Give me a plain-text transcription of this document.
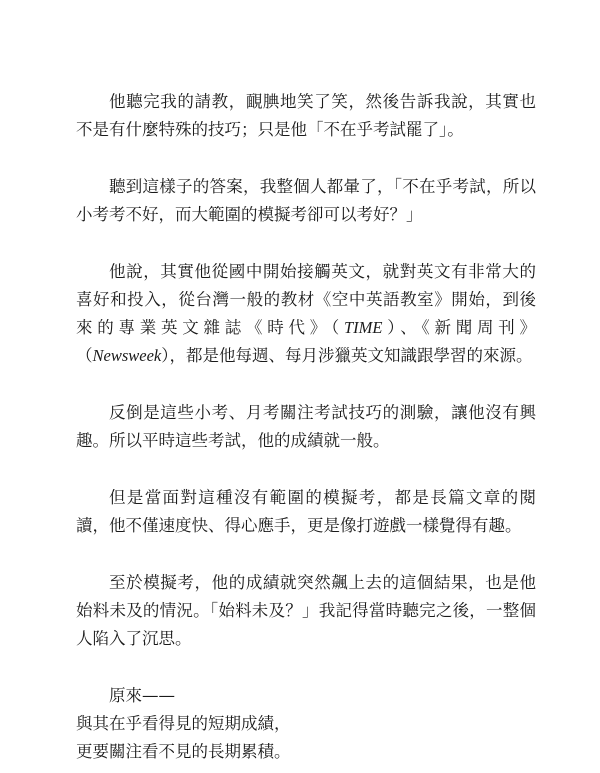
他聽完我的請教，靦腆地笑了笑，然後告訴我說，其實也不是有什麼特殊的技巧；只是他「不在乎考試罷了」。

聽到這樣子的答案，我整個人都暈了，「不在乎考試，所以小考考不好，而大範圍的模擬考卻可以考好？」

他說，其實他從國中開始接觸英文，就對英文有非常大的喜好和投入，從台灣一般的教材《空中英語教室》開始，到後來的專業英文雜誌《時代》（TIME）、《新聞周刊》（Newsweek），都是他每週、每月涉獵英文知識跟學習的來源。

反倒是這些小考、月考關注考試技巧的測驗，讓他沒有興趣。所以平時這些考試，他的成績就一般。

但是當面對這種沒有範圍的模擬考，都是長篇文章的閱讀，他不僅速度快、得心應手，更是像打遊戲一樣覺得有趣。

至於模擬考，他的成績就突然飆上去的這個結果，也是他始料未及的情況。「始料未及？」我記得當時聽完之後，一整個人陷入了沉思。

原來——
與其在乎看得見的短期成績，
更要關注看不見的長期累積。
